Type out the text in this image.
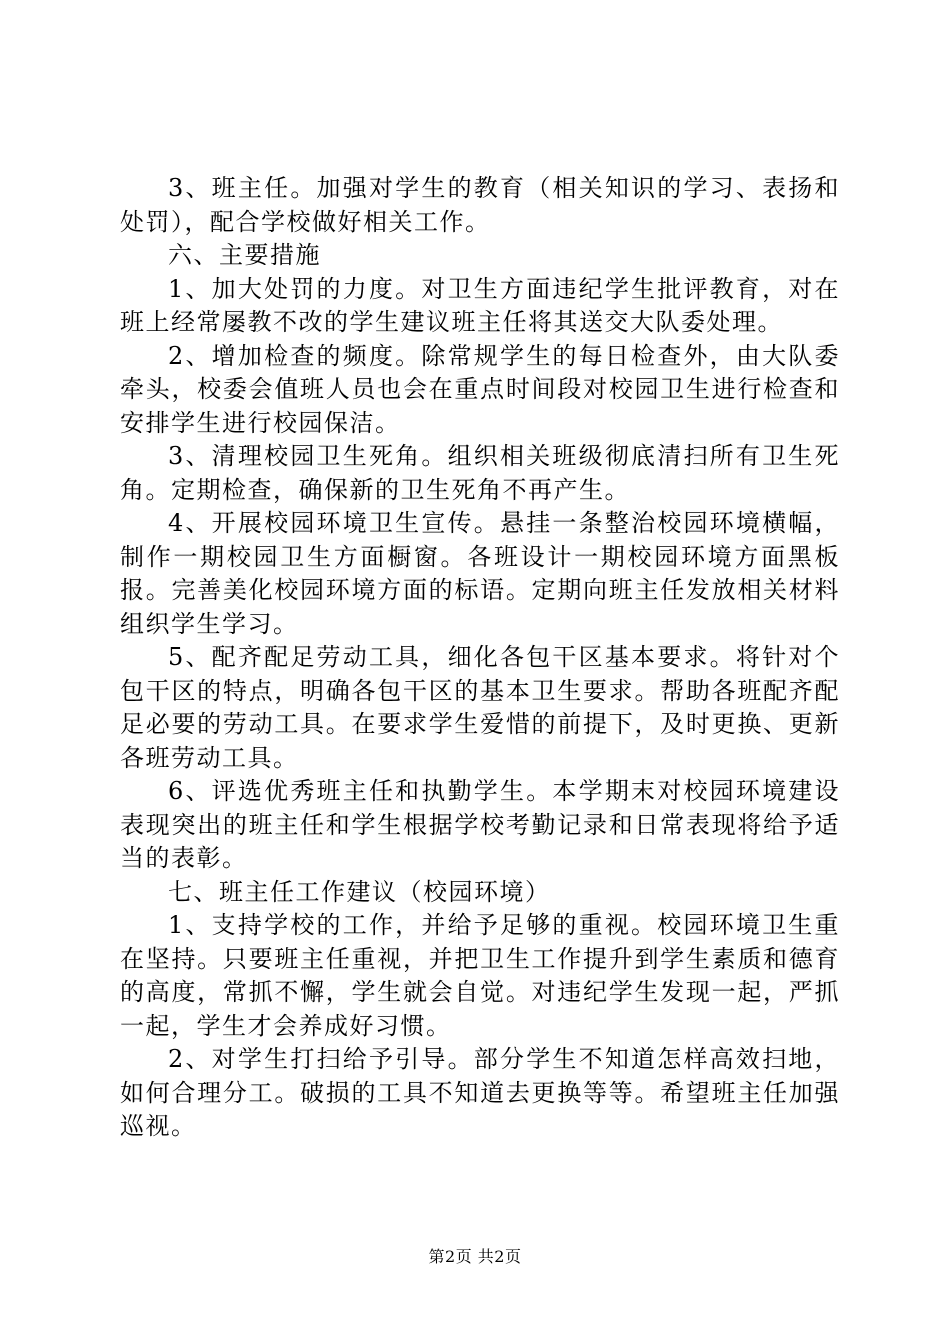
3、班主任。加强对学生的教育（相关知识的学习、表扬和处罚），配合学校做好相关工作。

六、主要措施

1、加大处罚的力度。对卫生方面违纪学生批评教育，对在班上经常屡教不改的学生建议班主任将其送交大队委处理。

2、增加检查的频度。除常规学生的每日检查外，由大队委牵头，校委会值班人员也会在重点时间段对校园卫生进行检查和安排学生进行校园保洁。

3、清理校园卫生死角。组织相关班级彻底清扫所有卫生死角。定期检查，确保新的卫生死角不再产生。

4、开展校园环境卫生宣传。悬挂一条整治校园环境横幅，制作一期校园卫生方面橱窗。各班设计一期校园环境方面黑板报。完善美化校园环境方面的标语。定期向班主任发放相关材料组织学生学习。

5、配齐配足劳动工具，细化各包干区基本要求。将针对个包干区的特点，明确各包干区的基本卫生要求。帮助各班配齐配足必要的劳动工具。在要求学生爱惜的前提下，及时更换、更新各班劳动工具。

6、评选优秀班主任和执勤学生。本学期末对校园环境建设表现突出的班主任和学生根据学校考勤记录和日常表现将给予适当的表彰。

七、班主任工作建议（校园环境）

1、支持学校的工作，并给予足够的重视。校园环境卫生重在坚持。只要班主任重视，并把卫生工作提升到学生素质和德育的高度，常抓不懈，学生就会自觉。对违纪学生发现一起，严抓一起，学生才会养成好习惯。

2、对学生打扫给予引导。部分学生不知道怎样高效扫地，如何合理分工。破损的工具不知道去更换等等。希望班主任加强巡视。

第2页 共2页
